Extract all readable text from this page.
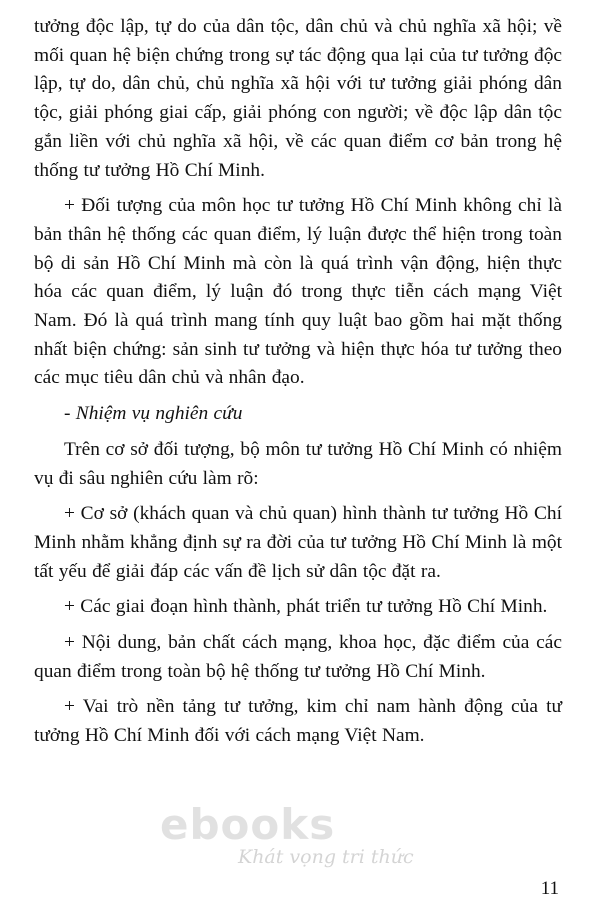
tưởng độc lập, tự do của dân tộc, dân chủ và chủ nghĩa xã hội; về mối quan hệ biện chứng trong sự tác động qua lại của tư tưởng độc lập, tự do, dân chủ, chủ nghĩa xã hội với tư tưởng giải phóng dân tộc, giải phóng giai cấp, giải phóng con người; về độc lập dân tộc gắn liền với chủ nghĩa xã hội, về các quan điểm cơ bản trong hệ thống tư tưởng Hồ Chí Minh.

+ Đối tượng của môn học tư tưởng Hồ Chí Minh không chỉ là bản thân hệ thống các quan điểm, lý luận được thể hiện trong toàn bộ di sản Hồ Chí Minh mà còn là quá trình vận động, hiện thực hóa các quan điểm, lý luận đó trong thực tiễn cách mạng Việt Nam. Đó là quá trình mang tính quy luật bao gồm hai mặt thống nhất biện chứng: sản sinh tư tưởng và hiện thực hóa tư tưởng theo các mục tiêu dân chủ và nhân đạo.

- Nhiệm vụ nghiên cứu

Trên cơ sở đối tượng, bộ môn tư tưởng Hồ Chí Minh có nhiệm vụ đi sâu nghiên cứu làm rõ:

+ Cơ sở (khách quan và chủ quan) hình thành tư tưởng Hồ Chí Minh nhằm khẳng định sự ra đời của tư tưởng Hồ Chí Minh là một tất yếu để giải đáp các vấn đề lịch sử dân tộc đặt ra.

+ Các giai đoạn hình thành, phát triển tư tưởng Hồ Chí Minh.

+ Nội dung, bản chất cách mạng, khoa học, đặc điểm của các quan điểm trong toàn bộ hệ thống tư tưởng Hồ Chí Minh.

+ Vai trò nền tảng tư tưởng, kim chỉ nam hành động của tư tưởng Hồ Chí Minh đối với cách mạng Việt Nam.

ebooks
Khát vọng tri thức
11
